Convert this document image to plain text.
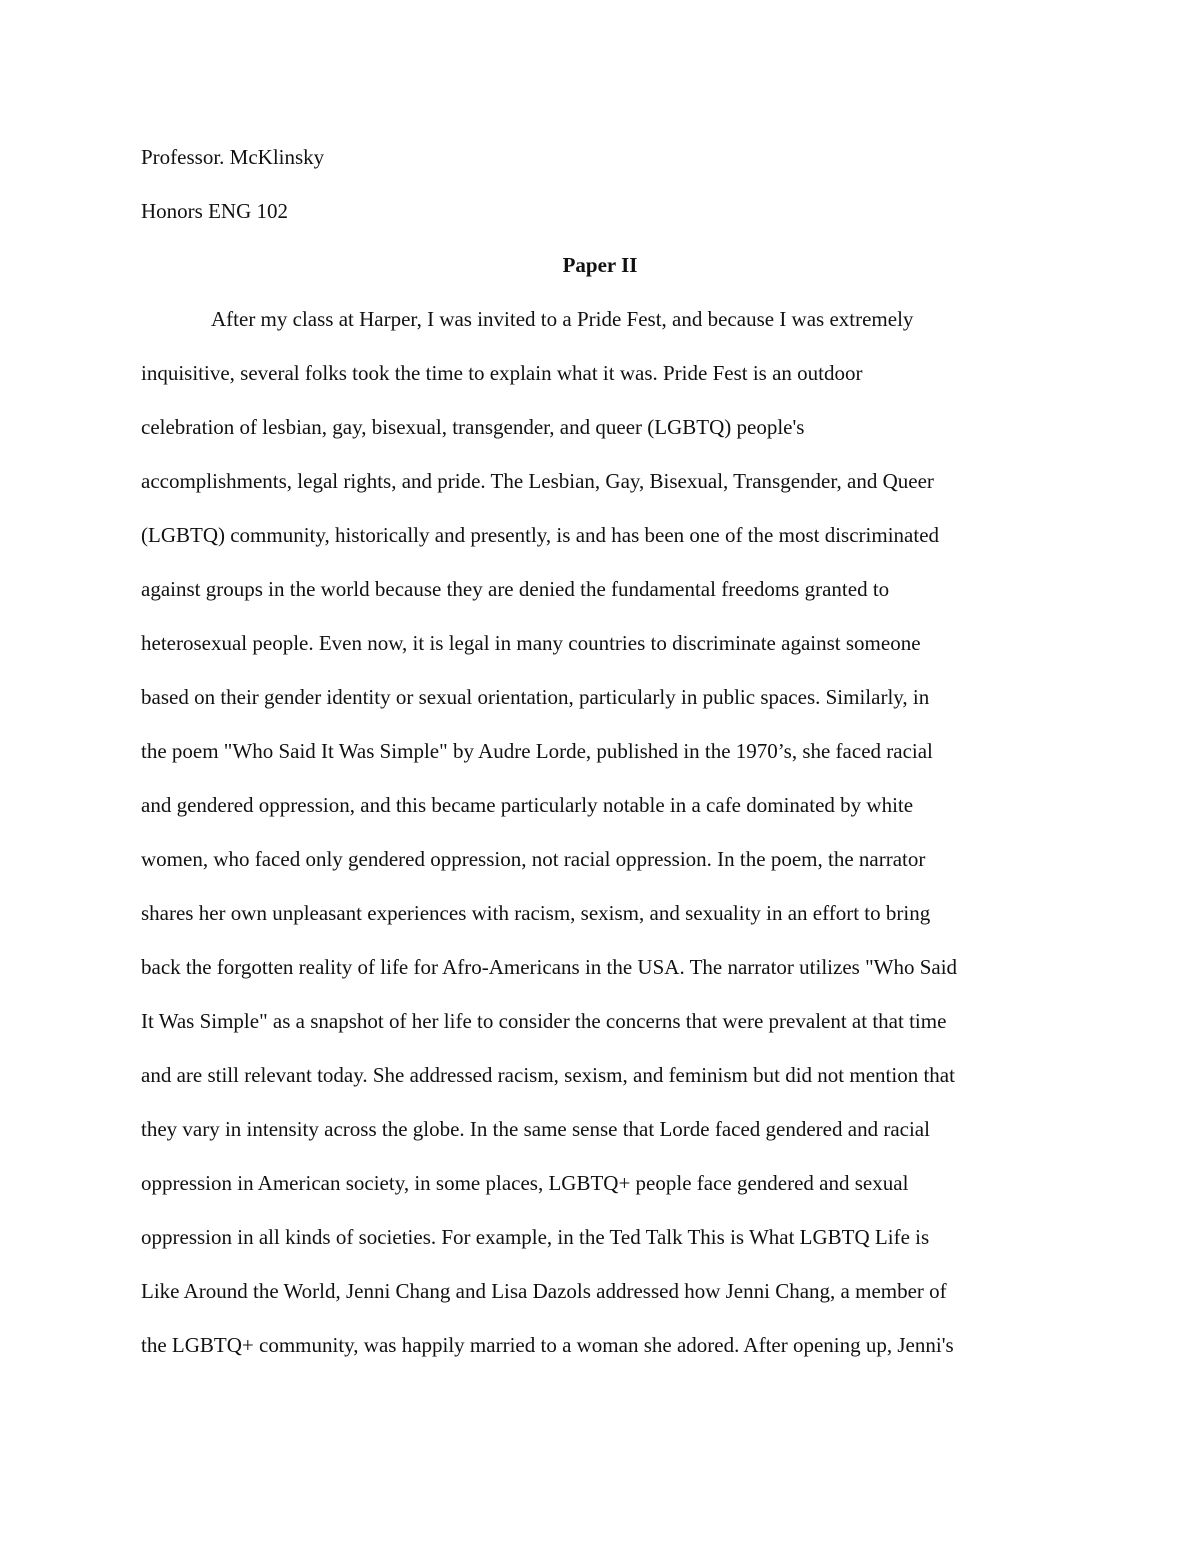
Professor. McKlinsky
Honors ENG 102
Paper II
After my class at Harper, I was invited to a Pride Fest, and because I was extremely
inquisitive, several folks took the time to explain what it was. Pride Fest is an outdoor
celebration of lesbian, gay, bisexual, transgender, and queer (LGBTQ) people's
accomplishments, legal rights, and pride. The Lesbian, Gay, Bisexual, Transgender, and Queer
(LGBTQ) community, historically and presently, is and has been one of the most discriminated
against groups in the world because they are denied the fundamental freedoms granted to
heterosexual people. Even now, it is legal in many countries to discriminate against someone
based on their gender identity or sexual orientation, particularly in public spaces. Similarly, in
the poem "Who Said It Was Simple" by Audre Lorde, published in the 1970’s, she faced racial
and gendered oppression, and this became particularly notable in a cafe dominated by white
women, who faced only gendered oppression, not racial oppression. In the poem, the narrator
shares her own unpleasant experiences with racism, sexism, and sexuality in an effort to bring
back the forgotten reality of life for Afro-Americans in the USA. The narrator utilizes "Who Said
It Was Simple" as a snapshot of her life to consider the concerns that were prevalent at that time
and are still relevant today. She addressed racism, sexism, and feminism but did not mention that
they vary in intensity across the globe. In the same sense that Lorde faced gendered and racial
oppression in American society, in some places, LGBTQ+ people face gendered and sexual
oppression in all kinds of societies. For example, in the Ted Talk This is What LGBTQ Life is
Like Around the World, Jenni Chang and Lisa Dazols addressed how Jenni Chang, a member of
the LGBTQ+ community, was happily married to a woman she adored. After opening up, Jenni's
